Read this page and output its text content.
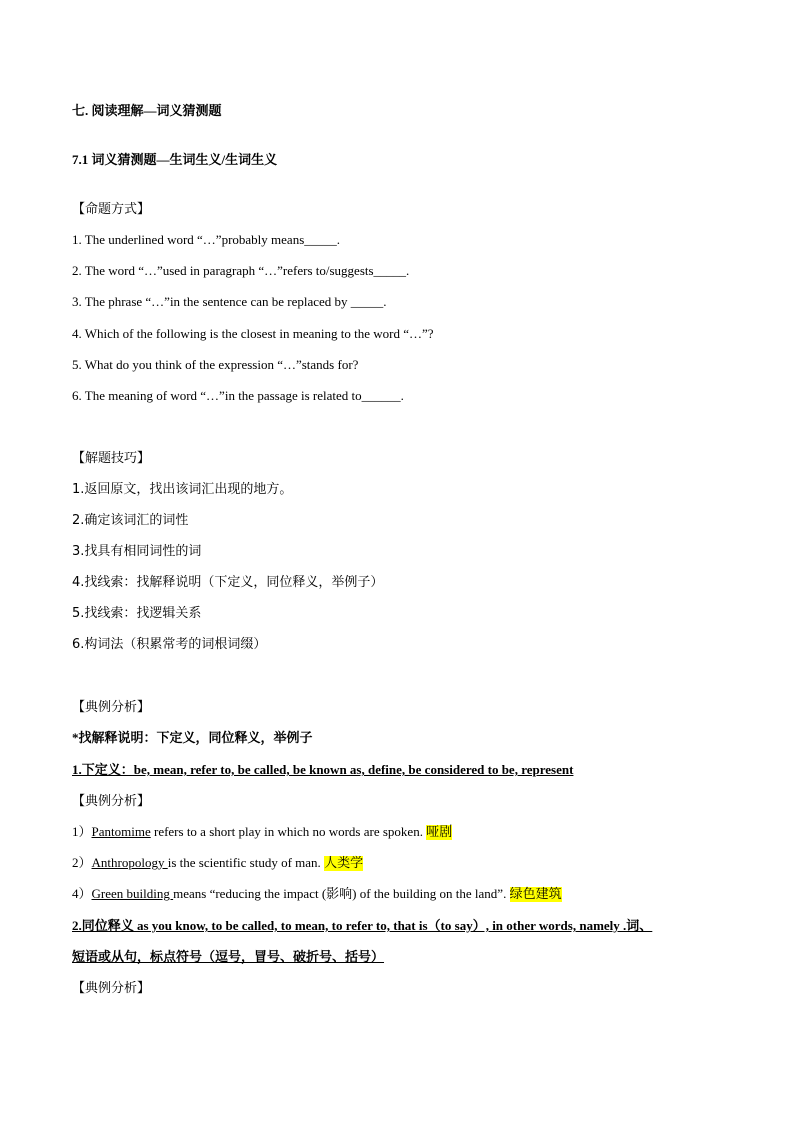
七. 阅读理解—词义猜测题
7.1 词义猜测题—生词生义/生词生义
【命题方式】
1. The underlined word “…”probably means_____.
2. The word “…”used in paragraph “…”refers to/suggests_____.
3. The phrase “…”in the sentence can be replaced by _____.
4. Which of the following is the closest in meaning to the word “…”?
5. What do you think of the expression “…”stands for?
6. The meaning of word “…”in the passage is related to______.
【解题技巧】
1.返回原文，找出该词汇出现的地方。
2.确定该词汇的词性
3.找具有相同词性的词
4.找线索：找解释说明（下定义，同位释义，举例子）
5.找线索：找逻辑关系
6.构词法（积累常考的词根词缀）
【典例分析】
*找解释说明：下定义，同位释义，举例子
1.下定义：be, mean, refer to, be called, be known as, define, be considered to be, represent
【典例分析】
1）Pantomime refers to a short play in which no words are spoken. 哑剧
2）Anthropology is the scientific study of man. 人类学
4）Green building means “reducing the impact (影响) of the building on the land”. 绿色建筑
2.同位释义 as you know, to be called, to mean, to refer to, that is（to say）, in other words, namely .词、
短语或从句，标点符号（逗号，冒号、破折号、括号）
【典例分析】
